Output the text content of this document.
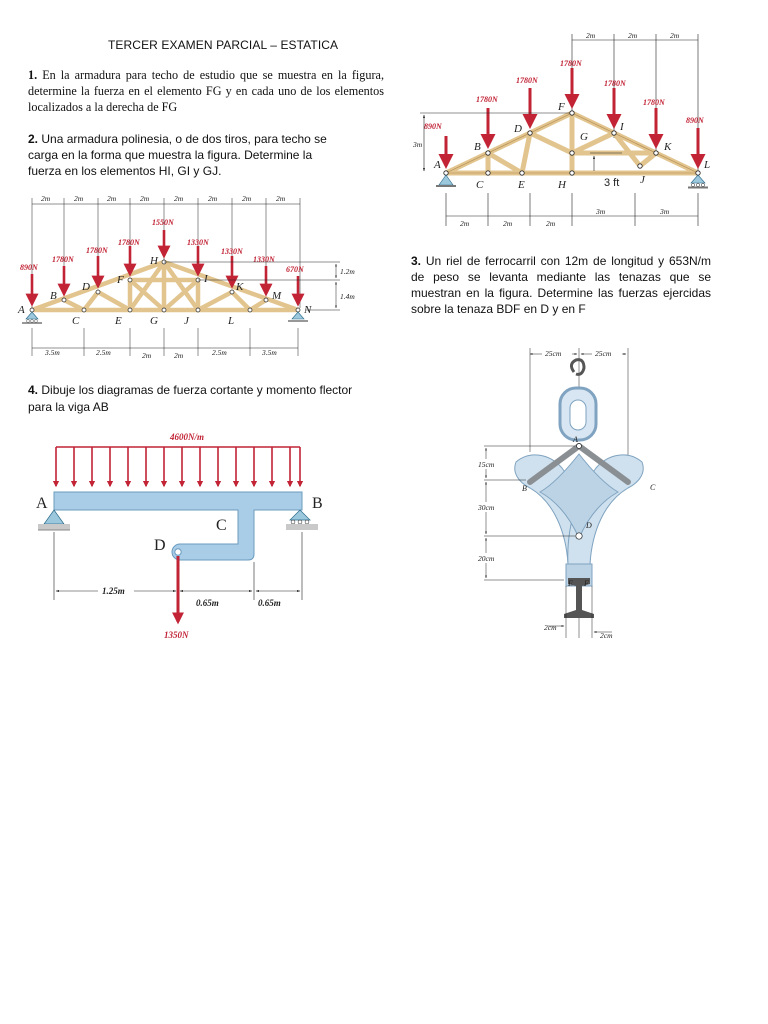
TERCER EXAMEN PARCIAL – ESTATICA
1. En la armadura para techo de estudio que se muestra en la figura, determine la fuerza en el elemento FG y en cada uno de los elementos localizados a la derecha de FG
2. Una armadura polinesia, o de dos tiros, para techo se carga en la forma que muestra la figura. Determine la fuerza en los elementos HI, GI y GJ.
3. Un riel de ferrocarril con 12m de longitud y 653N/m de peso se levanta mediante las tenazas que se muestran en la figura. Determine las fuerzas ejercidas sobre la tenaza BDF en D y en F
4. Dibuje los diagramas de fuerza cortante y momento flector para la viga AB
2m	2m	2m
890N
1780N
1780N
1780N
1780N
1780N
890N
A
B
C
D
E
F
G
H
I
J
K
L
3m
3 ft
2m	2m	2m
3m	3m
2m	2m	2m	2m	2m	2m	2m	2m
890N
1780N
1780N
1780N
1550N
1330N
1330N
1330N
670N
A
B
C
D
E
F
G
H
I
J
K
L
M
N
1.2m
1.4m
3.5m	2.5m	2m	2m	2.5m	3.5m	25cm	25cm
A
B	C
D
E F
15cm
30cm
20cm
2cm
2cm
4600N/m
1350N
A	B
C
D
1.25m
0.65m	0.65m
